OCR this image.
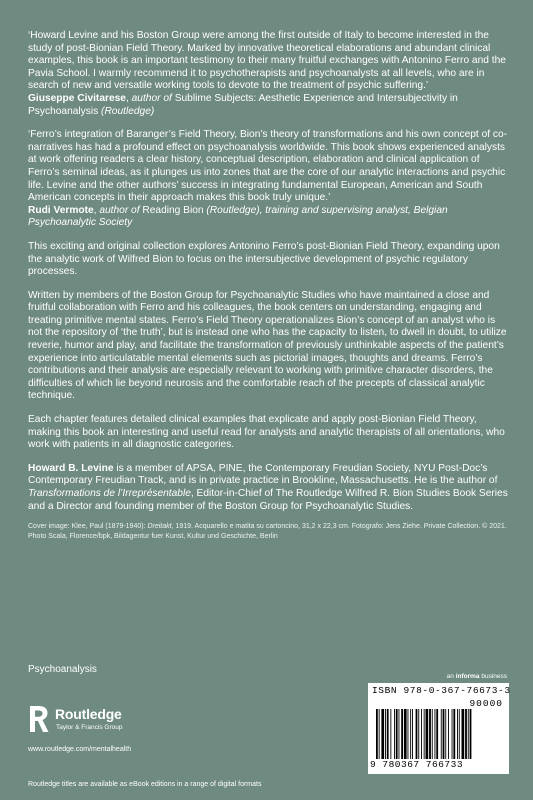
‘Howard Levine and his Boston Group were among the first outside of Italy to become interested in the study of post-Bionian Field Theory. Marked by innovative theoretical elaborations and abundant clinical examples, this book is an important testimony to their many fruitful exchanges with Antonino Ferro and the Pavia School. I warmly recommend it to psychotherapists and psychoanalysts at all levels, who are in search of new and versatile working tools to devote to the treatment of psychic suffering.’

Giuseppe Civitarese, author of Sublime Subjects: Aesthetic Experience and Intersubjectivity in Psychoanalysis (Routledge)

‘Ferro’s integration of Baranger’s Field Theory, Bion’s theory of transformations and his own concept of co-narratives has had a profound effect on psychoanalysis worldwide. This book shows experienced analysts at work offering readers a clear history, conceptual description, elaboration and clinical application of Ferro’s seminal ideas, as it plunges us into zones that are the core of our analytic interactions and psychic life. Levine and the other authors’ success in integrating fundamental European, American and South American concepts in their approach makes this book truly unique.’

Rudi Vermote, author of Reading Bion (Routledge), training and supervising analyst, Belgian Psychoanalytic Society

This exciting and original collection explores Antonino Ferro’s post-Bionian Field Theory, expanding upon the analytic work of Wilfred Bion to focus on the intersubjective development of psychic regulatory processes.

Written by members of the Boston Group for Psychoanalytic Studies who have maintained a close and fruitful collaboration with Ferro and his colleagues, the book centers on understanding, engaging and treating primitive mental states. Ferro’s Field Theory operationalizes Bion’s concept of an analyst who is not the repository of ‘the truth’, but is instead one who has the capacity to listen, to dwell in doubt, to utilize reverie, humor and play, and facilitate the transformation of previously unthinkable aspects of the patient’s experience into articulatable mental elements such as pictorial images, thoughts and dreams. Ferro’s contributions and their analysis are especially relevant to working with primitive character disorders, the difficulties of which lie beyond neurosis and the comfortable reach of the precepts of classical analytic technique.

Each chapter features detailed clinical examples that explicate and apply post-Bionian Field Theory, making this book an interesting and useful read for analysts and analytic therapists of all orientations, who work with patients in all diagnostic categories.

Howard B. Levine is a member of APSA, PINE, the Contemporary Freudian Society, NYU Post-Doc’s Contemporary Freudian Track, and is in private practice in Brookline, Massachusetts. He is the author of Transformations de l’Irreprésentable, Editor-in-Chief of The Routledge Wilfred R. Bion Studies Book Series and a Director and founding member of the Boston Group for Psychoanalytic Studies.

Cover image: Klee, Paul (1879-1940): Dreitakt, 1919. Acquarello e matita su cartoncino, 31,2 x 22,3 cm. Fotografo: Jens Ziehe. Private Collection. © 2021. Photo Scala, Florence/bpk, Bildagentur fuer Kunst, Kultur und Geschichte, Berlin

Psychoanalysis
an informa business
Routledge
Taylor & Francis Group
www.routledge.com/mentalhealth
Routledge titles are available as eBook editions in a range of digital formats
ISBN 978-0-367-76673-3
90000
9 780367 766733
